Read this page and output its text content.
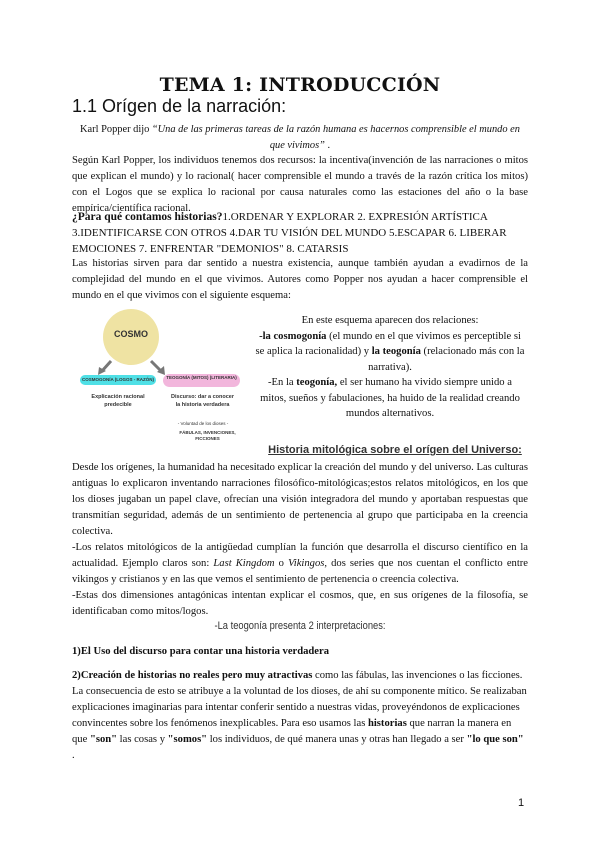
TEMA 1: INTRODUCCIÓN
1.1 Orígen de la narración:
Karl Popper dijo “Una de las primeras tareas de la razón humana es hacernos comprensible el mundo en que vivimos” .
Según Karl Popper, los individuos tenemos dos recursos: la incentiva(invención de las narraciones o mitos que explican el mundo) y lo racional( hacer comprensible el mundo a través de la razón crítica los mitos) con el Logos que se explica lo racional por causa naturales como las estaciones del año o la base empírica/científica racional.
¿Para qué contamos historias?1.ORDENAR Y EXPLORAR 2. EXPRESIÓN ARTÍSTICA 3.IDENTIFICARSE CON OTROS 4.DAR TU VISIÓN DEL MUNDO 5.ESCAPAR 6. LIBERAR EMOCIONES 7. ENFRENTAR "DEMONIOS" 8. CATARSIS
Las historias sirven para dar sentido a nuestra existencia, aunque también ayudan a evadirnos de la complejidad del mundo en el que vivimos. Autores como Popper nos ayudan a hacer comprensible el mundo en el que vivimos con el siguiente esquema:
COSMO
COSMOGONÍA (LOGOS - RAZÓN)	TEOGONÍA (MITOS) (LITERARIA)
Explicación racional predecible
Discurso: dar a conocer la historia verdadera
- Voluntad de los dioses -
FÁBULAS, INVENCIONES, FICCIONES
En este esquema aparecen dos relaciones:
-la cosmogonía (el mundo en el que vivimos es perceptible si se aplica la racionalidad) y la teogonía (relacionado más con la narrativa).
-En la teogonía, el ser humano ha vivido siempre unido a mitos, sueños y fabulaciones, ha huido de la realidad creando mundos alternativos.
Historia mitológica sobre el orígen del Universo:
Desde los orígenes, la humanidad ha necesitado explicar la creación del mundo y del universo. Las culturas antiguas lo explicaron inventando narraciones filosófico-mitológicas;estos relatos mitológicos, en los que los dioses jugaban un papel clave, ofrecían una visión integradora del mundo y aportaban respuestas que transmitían seguridad, además de un sentimiento de pertenencia al grupo que participaba en la creencia colectiva.
-Los relatos mitológicos de la antigüedad cumplían la función que desarrolla el discurso científico en la actualidad. Ejemplo claros son: Last Kingdom o Vikingos, dos series que nos cuentan el conflicto entre vikingos y cristianos y en las que vemos el sentimiento de pertenencia o creencia colectiva.
-Estas dos dimensiones antagónicas intentan explicar el cosmos, que, en sus orígenes de la filosofía, se identificaban como mitos/logos.
-La teogonía presenta 2 interpretaciones:
1)El Uso del discurso para contar una historia verdadera
2)Creación de historias no reales pero muy atractivas como las fábulas, las invenciones o las ficciones. La consecuencia de esto se atribuye a la voluntad de los dioses, de ahí su componente mítico. Se realizaban explicaciones imaginarias para intentar conferir sentido a nuestras vidas, proveyéndonos de explicaciones convincentes sobre los fenómenos inexplicables. Para eso usamos las historias que narran la manera en que "son" las cosas y "somos" los individuos, de qué manera unas y otras han llegado a ser "lo que son" .
1
